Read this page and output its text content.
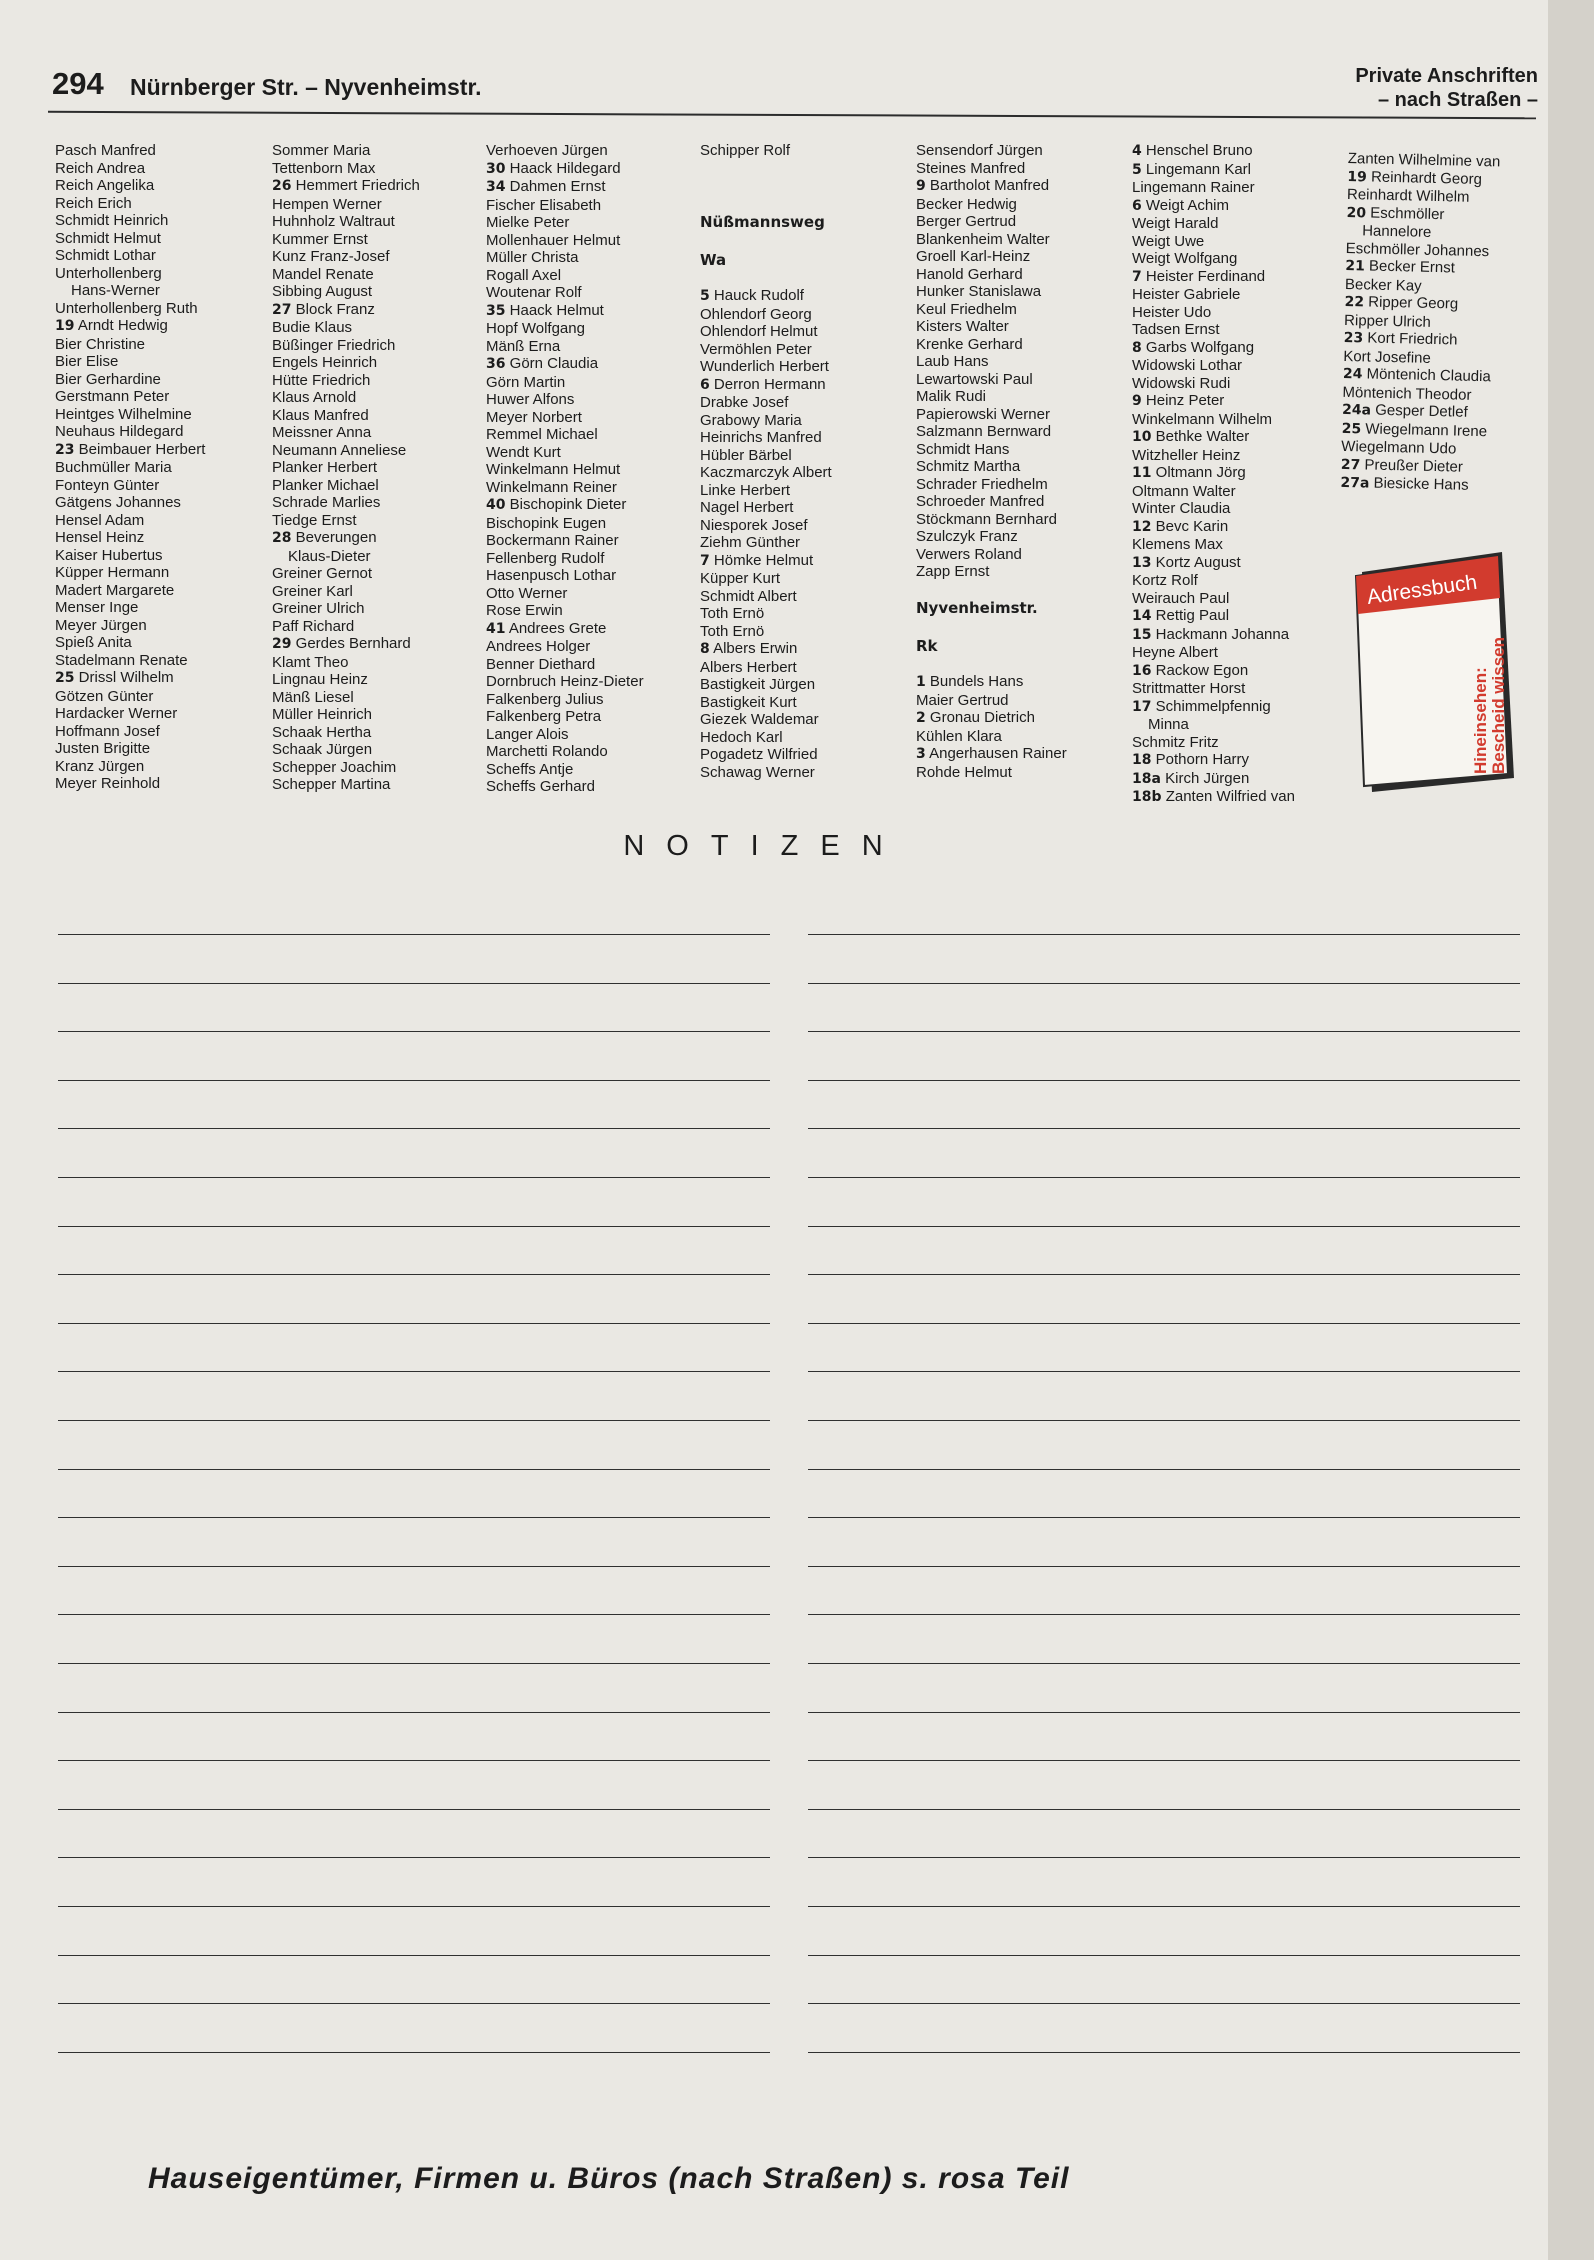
294 Nürnberger Str. – Nyvenheimstr.	Private Anschriften
– nach Straßen –
Pasch Manfred
Reich Andrea
Reich Angelika
Reich Erich
Schmidt Heinrich
Schmidt Helmut
Schmidt Lothar
Unterhollenberg
Hans-Werner
Unterhollenberg Ruth
19 Arndt Hedwig
Bier Christine
Bier Elise
Bier Gerhardine
Gerstmann Peter
Heintges Wilhelmine
Neuhaus Hildegard
23 Beimbauer Herbert
Buchmüller Maria
Fonteyn Günter
Gätgens Johannes
Hensel Adam
Hensel Heinz
Kaiser Hubertus
Küpper Hermann
Madert Margarete
Menser Inge
Meyer Jürgen
Spieß Anita
Stadelmann Renate
25 Drissl Wilhelm
Götzen Günter
Hardacker Werner
Hoffmann Josef
Justen Brigitte
Kranz Jürgen
Meyer Reinhold
Sommer Maria
Tettenborn Max
26 Hemmert Friedrich
Hempen Werner
Huhnholz Waltraut
Kummer Ernst
Kunz Franz-Josef
Mandel Renate
Sibbing August
27 Block Franz
Budie Klaus
Büßinger Friedrich
Engels Heinrich
Hütte Friedrich
Klaus Arnold
Klaus Manfred
Meissner Anna
Neumann Anneliese
Planker Herbert
Planker Michael
Schrade Marlies
Tiedge Ernst
28 Beverungen
Klaus-Dieter
Greiner Gernot
Greiner Karl
Greiner Ulrich
Paff Richard
29 Gerdes Bernhard
Klamt Theo
Lingnau Heinz
Mänß Liesel
Müller Heinrich
Schaak Hertha
Schaak Jürgen
Schepper Joachim
Schepper Martina
Verhoeven Jürgen
30 Haack Hildegard
34 Dahmen Ernst
Fischer Elisabeth
Mielke Peter
Mollenhauer Helmut
Müller Christa
Rogall Axel
Woutenar Rolf
35 Haack Helmut
Hopf Wolfgang
Mänß Erna
36 Görn Claudia
Görn Martin
Huwer Alfons
Meyer Norbert
Remmel Michael
Wendt Kurt
Winkelmann Helmut
Winkelmann Reiner
40 Bischopink Dieter
Bischopink Eugen
Bockermann Rainer
Fellenberg Rudolf
Hasenpusch Lothar
Otto Werner
Rose Erwin
41 Andrees Grete
Andrees Holger
Benner Diethard
Dornbruch Heinz-Dieter
Falkenberg Julius
Falkenberg Petra
Langer Alois
Marchetti Rolando
Scheffs Antje
Scheffs Gerhard
Schipper Rolf
Nüßmannsweg
Wa
5 Hauck Rudolf
Ohlendorf Georg
Ohlendorf Helmut
Vermöhlen Peter
Wunderlich Herbert
6 Derron Hermann
Drabke Josef
Grabowy Maria
Heinrichs Manfred
Hübler Bärbel
Kaczmarczyk Albert
Linke Herbert
Nagel Herbert
Niesporek Josef
Ziehm Günther
7 Hömke Helmut
Küpper Kurt
Schmidt Albert
Toth Ernö
Toth Ernö
8 Albers Erwin
Albers Herbert
Bastigkeit Jürgen
Bastigkeit Kurt
Giezek Waldemar
Hedoch Karl
Pogadetz Wilfried
Schawag Werner
Sensendorf Jürgen
Steines Manfred
9 Bartholot Manfred
Becker Hedwig
Berger Gertrud
Blankenheim Walter
Groell Karl-Heinz
Hanold Gerhard
Hunker Stanislawa
Keul Friedhelm
Kisters Walter
Krenke Gerhard
Laub Hans
Lewartowski Paul
Malik Rudi
Papierowski Werner
Salzmann Bernward
Schmidt Hans
Schmitz Martha
Schrader Friedhelm
Schroeder Manfred
Stöckmann Bernhard
Szulczyk Franz
Verwers Roland
Zapp Ernst
Nyvenheimstr.
Rk
1 Bundels Hans
Maier Gertrud
2 Gronau Dietrich
Kühlen Klara
3 Angerhausen Rainer
Rohde Helmut
4 Henschel Bruno
5 Lingemann Karl
Lingemann Rainer
6 Weigt Achim
Weigt Harald
Weigt Uwe
Weigt Wolfgang
7 Heister Ferdinand
Heister Gabriele
Heister Udo
Tadsen Ernst
8 Garbs Wolfgang
Widowski Lothar
Widowski Rudi
9 Heinz Peter
Winkelmann Wilhelm
10 Bethke Walter
Witzheller Heinz
11 Oltmann Jörg
Oltmann Walter
Winter Claudia
12 Bevc Karin
Klemens Max
13 Kortz August
Kortz Rolf
Weirauch Paul
14 Rettig Paul
15 Hackmann Johanna
Heyne Albert
16 Rackow Egon
Strittmatter Horst
17 Schimmelpfennig
Minna
Schmitz Fritz
18 Pothorn Harry
18a Kirch Jürgen
18b Zanten Wilfried van
Zanten Wilhelmine van
19 Reinhardt Georg
Reinhardt Wilhelm
20 Eschmöller
Hannelore
Eschmöller Johannes
21 Becker Ernst
Becker Kay
22 Ripper Georg
Ripper Ulrich
23 Kort Friedrich
Kort Josefine
24 Möntenich Claudia
Möntenich Theodor
24a Gesper Detlef
25 Wiegelmann Irene
Wiegelmann Udo
27 Preußer Dieter
27a Biesicke Hans
Adressbuch
Hineinsehen: Bescheid wissen
NOTIZEN
Hauseigentümer, Firmen u. Büros (nach Straßen) s. rosa Teil
